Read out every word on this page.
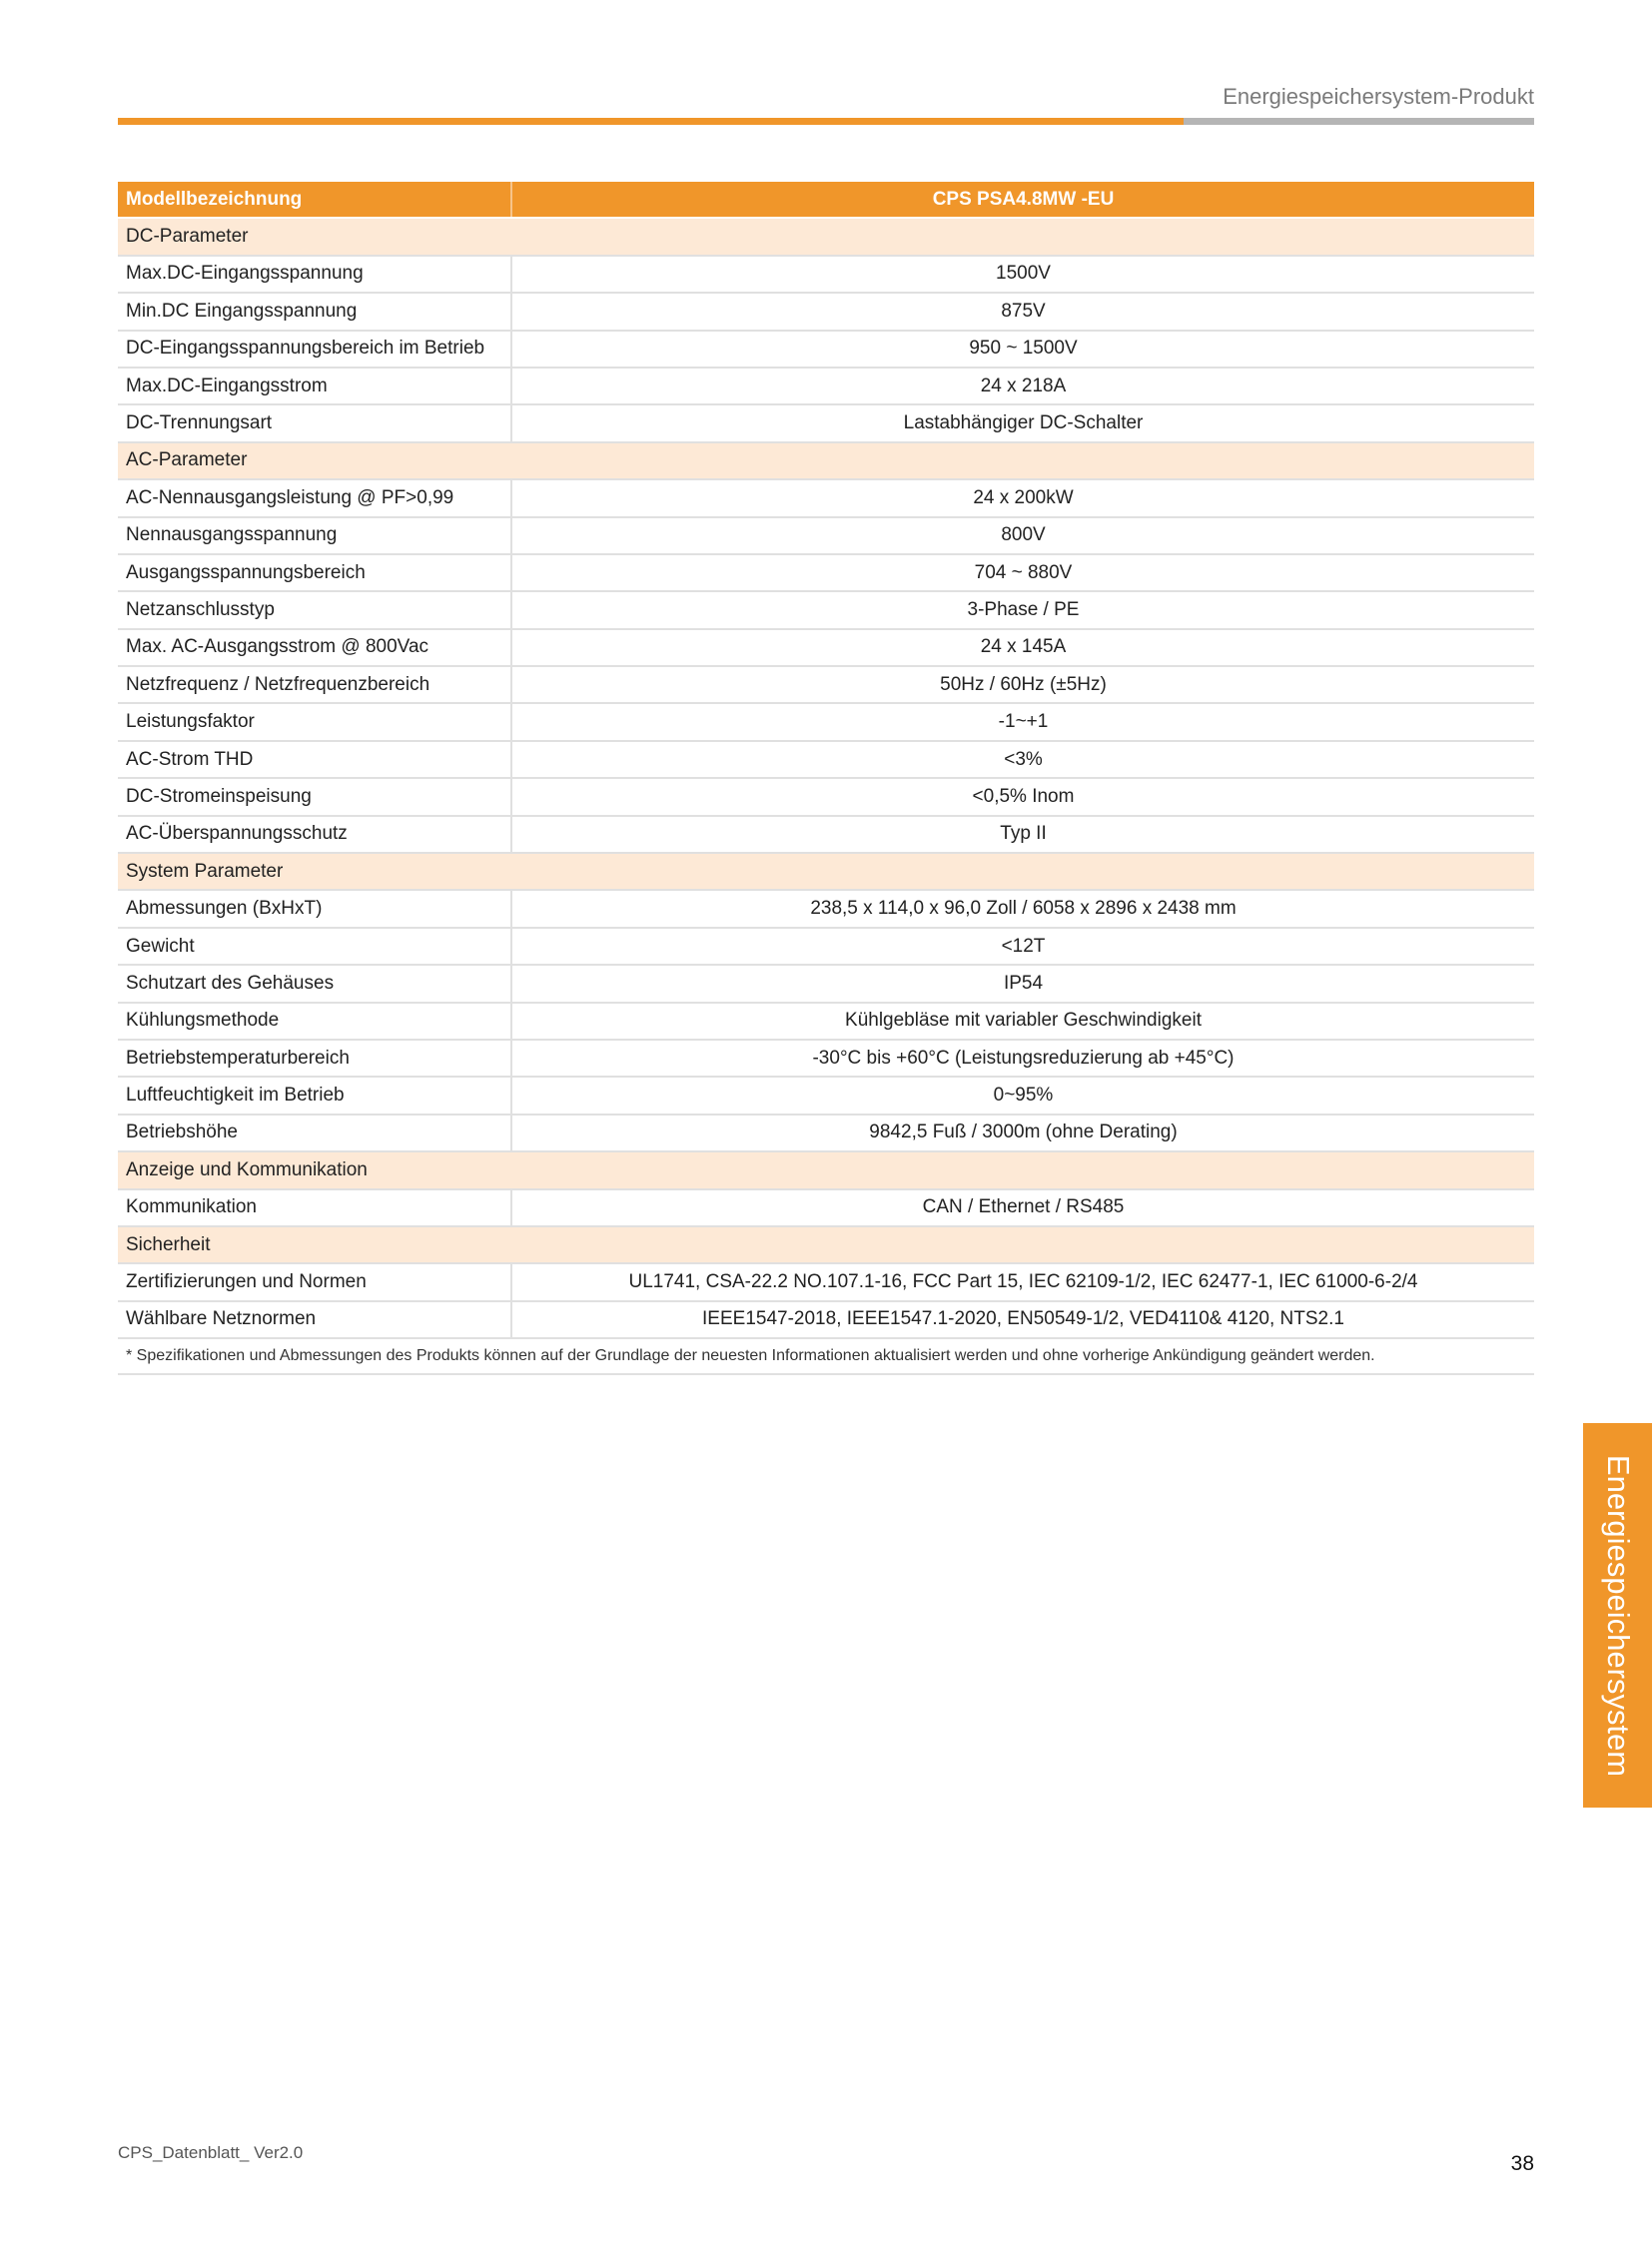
Energiespeichersystem-Produkt
Modellbezeichnung	CPS PSA4.8MW -EU
DC-Parameter	
Max.DC-Eingangsspannung	1500V
Min.DC Eingangsspannung	875V
DC-Eingangsspannungsbereich im Betrieb	950 ~ 1500V
Max.DC-Eingangsstrom	24 x 218A
DC-Trennungsart	Lastabhängiger DC-Schalter
AC-Parameter	
AC-Nennausgangsleistung @ PF>0,99	24 x 200kW
Nennausgangsspannung	800V
Ausgangsspannungsbereich	704 ~ 880V
Netzanschlusstyp	3-Phase / PE
Max. AC-Ausgangsstrom @ 800Vac	24 x 145A
Netzfrequenz / Netzfrequenzbereich	50Hz / 60Hz (±5Hz)
Leistungsfaktor	-1~+1
AC-Strom THD	<3%
DC-Stromeinspeisung	<0,5% Inom
AC-Überspannungsschutz	Typ II
System Parameter	
Abmessungen (BxHxT)	238,5 x 114,0 x 96,0 Zoll / 6058 x 2896 x 2438 mm
Gewicht	<12T
Schutzart des Gehäuses	IP54
Kühlungsmethode	Kühlgebläse mit variabler Geschwindigkeit
Betriebstemperaturbereich	-30°C bis +60°C (Leistungsreduzierung ab +45°C)
Luftfeuchtigkeit im Betrieb	0~95%
Betriebshöhe	9842,5 Fuß / 3000m (ohne Derating)
Anzeige und Kommunikation	
Kommunikation	CAN / Ethernet / RS485
Sicherheit	
Zertifizierungen und Normen	UL1741, CSA-22.2 NO.107.1-16, FCC Part 15, IEC 62109-1/2, IEC 62477-1, IEC 61000-6-2/4
Wählbare Netznormen	IEEE1547-2018, IEEE1547.1-2020, EN50549-1/2, VED4110& 4120, NTS2.1
* Spezifikationen und Abmessungen des Produkts können auf der Grundlage der neuesten Informationen aktualisiert werden und ohne vorherige Ankündigung geändert werden.	
Energiespeichersystem
CPS_Datenblatt_ Ver2.0	38
